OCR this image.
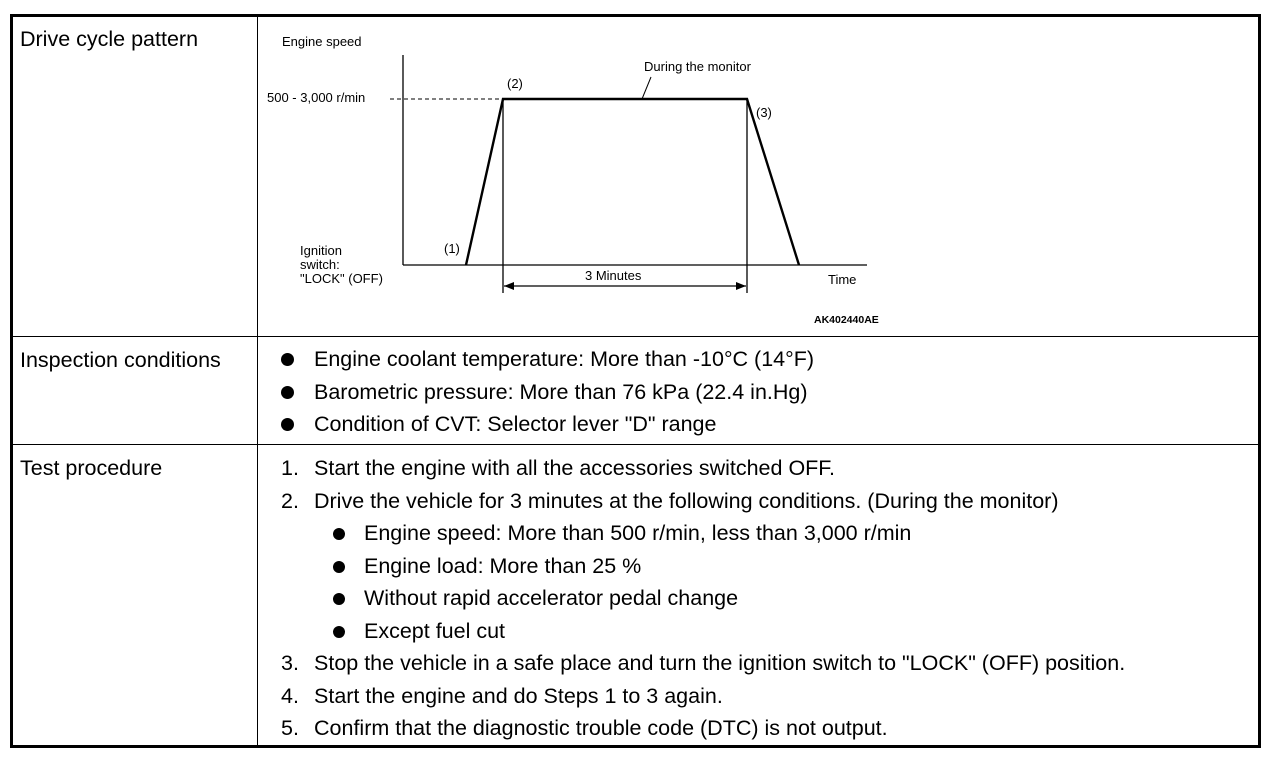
Drive cycle pattern
Inspection conditions
Test procedure
Engine speed
500 - 3,000 r/min
(2)
During the monitor
(3)
(1)
Ignition
switch:
"LOCK" (OFF)	3 Minutes	Time
AK402440AE
Engine coolant temperature: More than -10°C (14°F)
Barometric pressure: More than 76 kPa (22.4 in.Hg)
Condition of CVT: Selector lever "D" range
1. Start the engine with all the accessories switched OFF.
2. Drive the vehicle for 3 minutes at the following conditions. (During the monitor)
Engine speed: More than 500 r/min, less than 3,000 r/min
Engine load: More than 25 %
Without rapid accelerator pedal change
Except fuel cut
3. Stop the vehicle in a safe place and turn the ignition switch to "LOCK" (OFF) position.
4. Start the engine and do Steps 1 to 3 again.
5. Confirm that the diagnostic trouble code (DTC) is not output.
